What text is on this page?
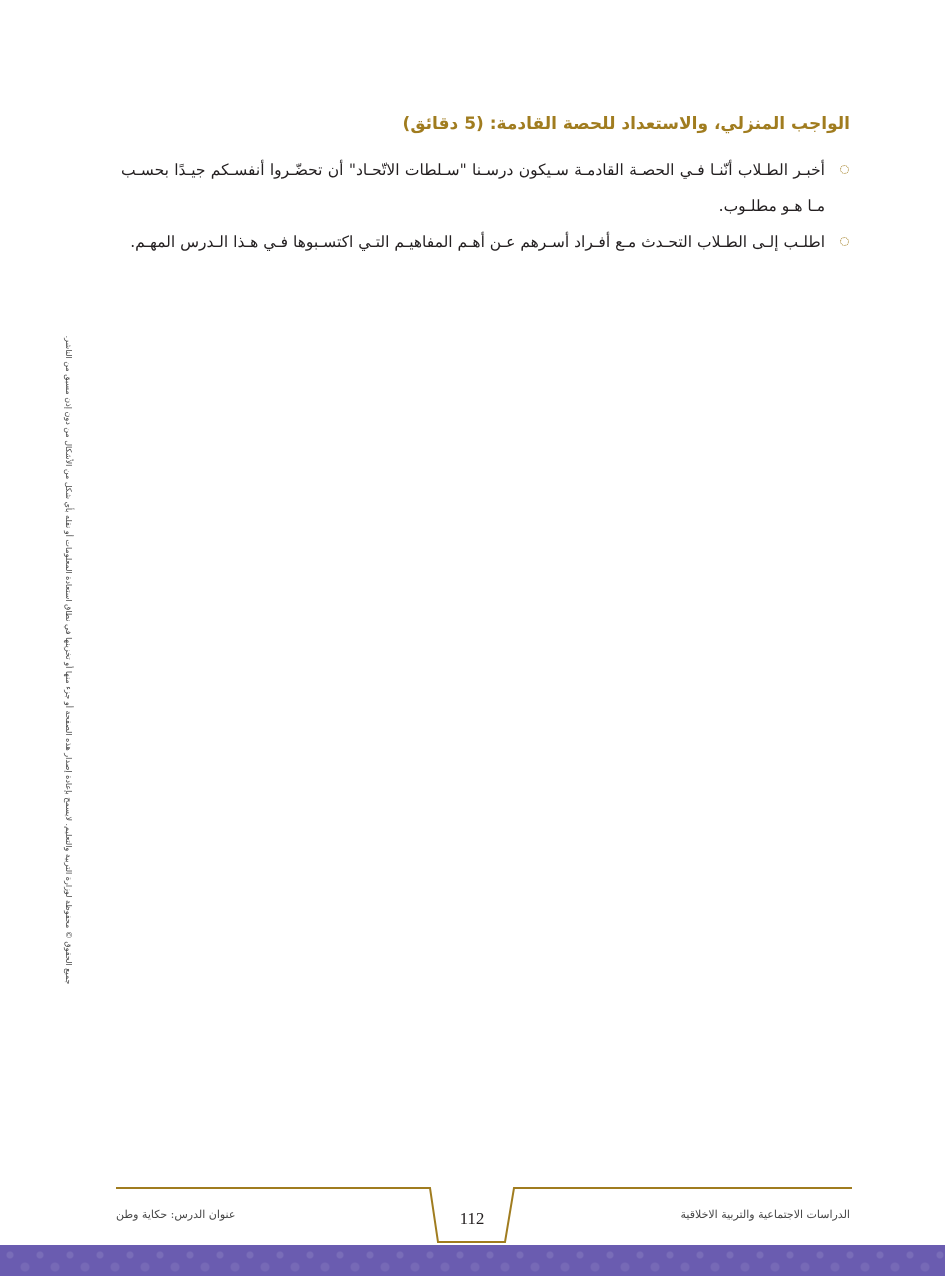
الواجب المنزلي، والاستعداد للحصة القادمة: (5 دقائق)
أخبـر الطـلاب أنّنـا فـي الحصـة القادمـة سـيكون درسـنا "سـلطات الاتّحـاد" أن تحضّـروا أنفسـكم جيـدًا بحسـب مـا هـو مطلـوب.
اطلـب إلـى الطـلاب التحـدث مـع أفـراد أسـرهم عـن أهـم المفاهيـم التـي اكتسـبوها فـي هـذا الـدرس المهـم.
جميع الحقوق © محفوظة لوزارة التربية والتعليم. لايسمح بإعادة إصدار هذه الصفحة أو جزء منها أو تخزينها في نطاق استعادة المعلومات أو نقله بأي شكل من الأشكال من دون إذن مسبق من الناشر.
عنوان الدرس: حكاية وطن	112	الدراسات الاجتماعية والتربية الاخلاقية
